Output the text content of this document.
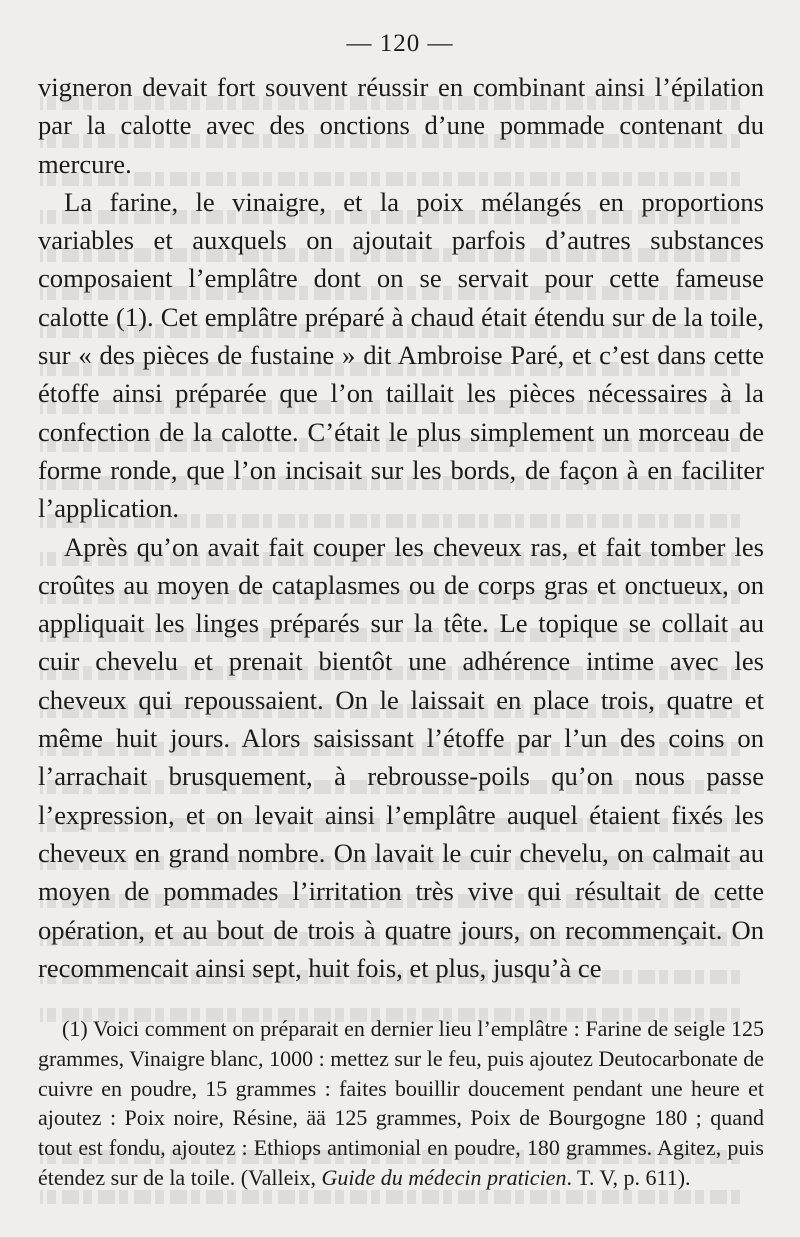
— 120 —

vigneron devait fort souvent réussir en combinant ainsi l’épilation par la calotte avec des onctions d’une pommade contenant du mercure.

La farine, le vinaigre, et la poix mélangés en proportions variables et auxquels on ajoutait parfois d’autres substances composaient l’emplâtre dont on se servait pour cette fameuse calotte (1). Cet emplâtre préparé à chaud était étendu sur de la toile, sur « des pièces de fustaine » dit Ambroise Paré, et c’est dans cette étoffe ainsi préparée que l’on taillait les pièces nécessaires à la confection de la calotte. C’était le plus simplement un morceau de forme ronde, que l’on incisait sur les bords, de façon à en faciliter l’application.

Après qu’on avait fait couper les cheveux ras, et fait tomber les croûtes au moyen de cataplasmes ou de corps gras et onctueux, on appliquait les linges préparés sur la tête. Le topique se collait au cuir chevelu et prenait bientôt une adhérence intime avec les cheveux qui repoussaient. On le laissait en place trois, quatre et même huit jours. Alors saisissant l’étoffe par l’un des coins on l’arrachait brusquement, à rebrousse-poils qu’on nous passe l’expression, et on levait ainsi l’emplâtre auquel étaient fixés les cheveux en grand nombre. On lavait le cuir chevelu, on calmait au moyen de pommades l’irritation très vive qui résultait de cette opération, et au bout de trois à quatre jours, on recommençait. On recommencait ainsi sept, huit fois, et plus, jusqu’à ce

(1) Voici comment on préparait en dernier lieu l’emplâtre : Farine de seigle 125 grammes, Vinaigre blanc, 1000 : mettez sur le feu, puis ajoutez Deutocarbonate de cuivre en poudre, 15 grammes : faites bouillir doucement pendant une heure et ajoutez : Poix noire, Résine, ää 125 grammes, Poix de Bourgogne 180 ; quand tout est fondu, ajoutez : Ethiops antimonial en poudre, 180 grammes. Agitez, puis étendez sur de la toile. (Valleix, Guide du médecin praticien. T. V, p. 611).
